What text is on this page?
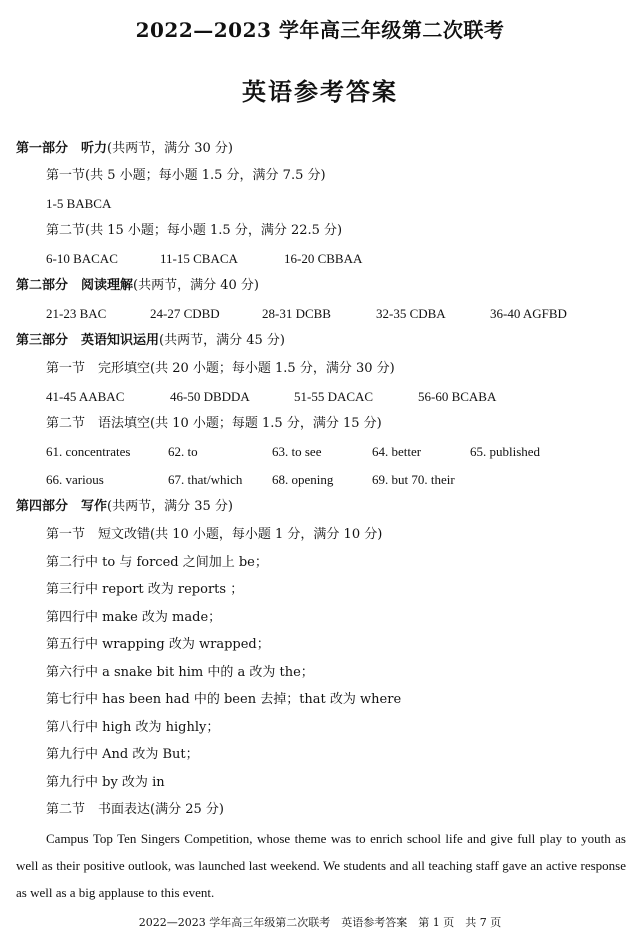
2022—2023 学年高三年级第二次联考
英语参考答案
第一部分　听力(共两节，满分 30 分)
第一节(共 5 小题；每小题 1.5 分，满分 7.5 分)
1-5 BABCA
第二节(共 15 小题；每小题 1.5 分，满分 22.5 分)
6-10 BACAC	11-15 CBACA	16-20 CBBAA
第二部分　阅读理解(共两节，满分 40 分)
21-23 BAC	24-27 CDBD	28-31 DCBB	32-35 CDBA	36-40 AGFBD
第三部分　英语知识运用(共两节，满分 45 分)
第一节　完形填空(共 20 小题；每小题 1.5 分，满分 30 分)
41-45 AABAC	46-50 DBDDA	51-55 DACAC	56-60 BCABA
第二节　语法填空(共 10 小题；每题 1.5 分，满分 15 分)
61. concentrates	62. to	63. to see	64. better	65. published
66. various	67. that/which 68. opening	69. but 70. their
第四部分　写作(共两节，满分 35 分)
第一节　短文改错(共 10 小题，每小题 1 分，满分 10 分)
第二行中 to 与 forced 之间加上 be；
第三行中 report 改为 reports ；
第四行中 make 改为 made；
第五行中 wrapping 改为 wrapped；
第六行中 a snake bit him 中的 a 改为 the；
第七行中 has been had 中的 been 去掉；that 改为 where
第八行中 high 改为 highly；
第九行中 And 改为 But；
第九行中 by 改为 in
第二节　书面表达(满分 25 分)
Campus Top Ten Singers Competition, whose theme was to enrich school life and give full play to youth as well as their positive outlook, was launched last weekend. We students and all teaching staff gave an active response as well as a big applause to this event.
2022—2023 学年高三年级第二次联考　英语参考答案　第 1 页　共 7 页
